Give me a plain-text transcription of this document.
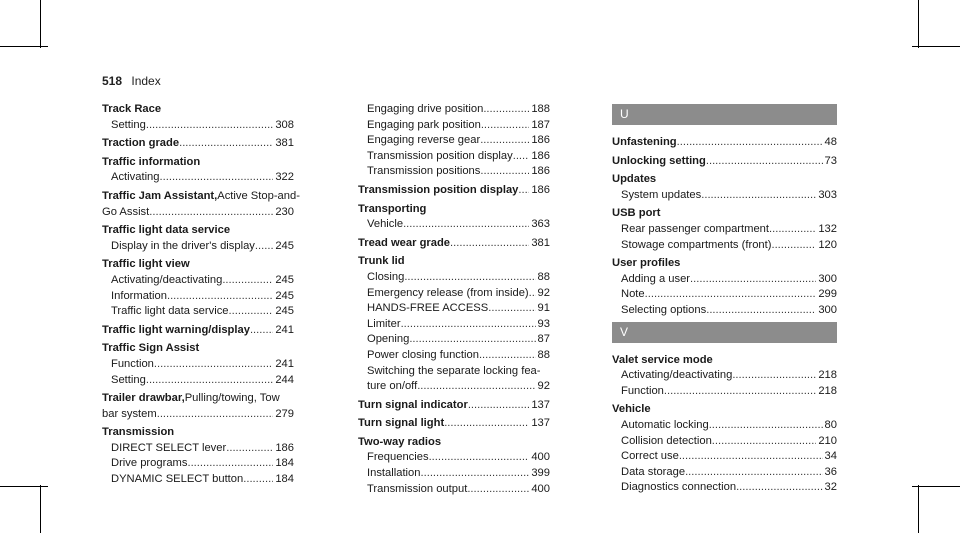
518 Index
Track Race
Setting .....	308
Traction grade .....	381
Traffic information
Activating .....	322
Traffic Jam Assistant, Active Stop-and-
Go Assist .....	230
Traffic light data service
Display in the driver's display ..... 245
Traffic light view
Activating/deactivating .....	245
Information .....	245
Traffic light data service .....	245
Traffic light warning/display ..... 241
Traffic Sign Assist
Function .....	241
Setting .....	244
Trailer drawbar, Pulling/towing, Tow
bar system .....	279
Transmission
DIRECT SELECT lever .....	186
Drive programs .....	184
DYNAMIC SELECT button .....	184
Engaging drive position .....	188
Engaging park position .....	187
Engaging reverse gear .....	186
Transmission position display ..... 186
Transmission positions .....	186
Transmission position display ..... 186
Transporting
Vehicle .....	363
Tread wear grade .....	381
Trunk lid
Closing .....	88
Emergency release (from inside) ..... 92
HANDS-FREE ACCESS .....	91
Limiter .....	93
Opening .....	87
Power closing function .....	88
Switching the separate locking fea-
ture on/off .....	92
Turn signal indicator .....	137
Turn signal light .....	137
Two-way radios
Frequencies .....	400
Installation .....	399
Transmission output .....	400
U
Unfastening .....	48
Unlocking setting .....	73
Updates
System updates .....	303
USB port
Rear passenger compartment .....	132
Stowage compartments (front) .....	120
User profiles
Adding a user .....	300
Note .....	299
Selecting options .....	300
V
Valet service mode
Activating/deactivating .....	218
Function .....	218
Vehicle
Automatic locking .....	80
Collision detection .....	210
Correct use .....	34
Data storage .....	36
Diagnostics connection .....	32
